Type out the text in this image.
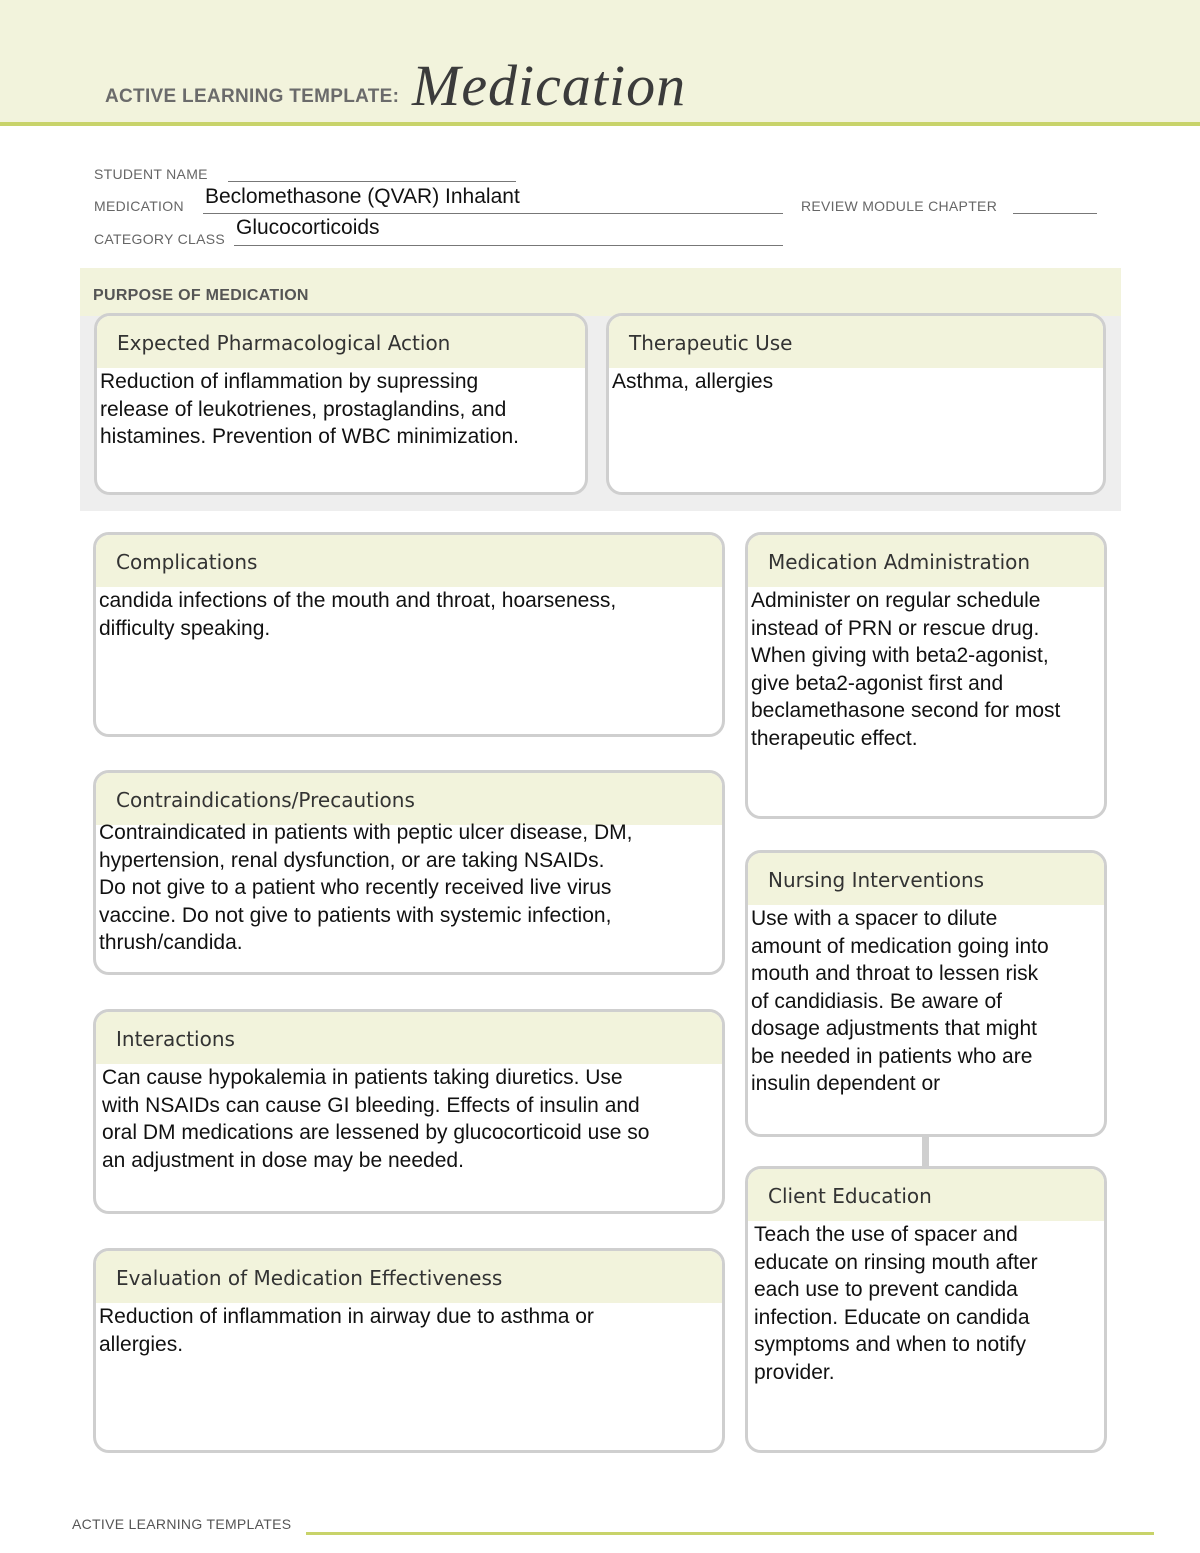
ACTIVE LEARNING TEMPLATE: Medication
STUDENT NAME
MEDICATION Beclomethasone (QVAR) Inhalant	REVIEW MODULE CHAPTER
CATEGORY CLASS Glucocorticoids
PURPOSE OF MEDICATION
Expected Pharmacological Action
Reduction of inflammation by supressing
release of leukotrienes, prostaglandins, and
histamines. Prevention of WBC minimization.
Therapeutic Use
Asthma, allergies
Complications
candida infections of the mouth and throat, hoarseness,
difficulty speaking.
Contraindications/Precautions
Contraindicated in patients with peptic ulcer disease, DM,
hypertension, renal dysfunction, or are taking NSAIDs.
Do not give to a patient who recently received live virus
vaccine. Do not give to patients with systemic infection,
thrush/candida.
Interactions
Can cause hypokalemia in patients taking diuretics. Use
with NSAIDs can cause GI bleeding. Effects of insulin and
oral DM medications are lessened by glucocorticoid use so
an adjustment in dose may be needed.
Evaluation of Medication Effectiveness
Reduction of inflammation in airway due to asthma or
allergies.
Medication Administration
Administer on regular schedule
instead of PRN or rescue drug.
When giving with beta2-agonist,
give beta2-agonist first and
beclamethasone second for most
therapeutic effect.
Nursing Interventions
Use with a spacer to dilute
amount of medication going into
mouth and throat to lessen risk
of candidiasis. Be aware of
dosage adjustments that might
be needed in patients who are
insulin dependent or
Client Education
Teach the use of spacer and
educate on rinsing mouth after
each use to prevent candida
infection. Educate on candida
symptoms and when to notify
provider.
ACTIVE LEARNING TEMPLATES
